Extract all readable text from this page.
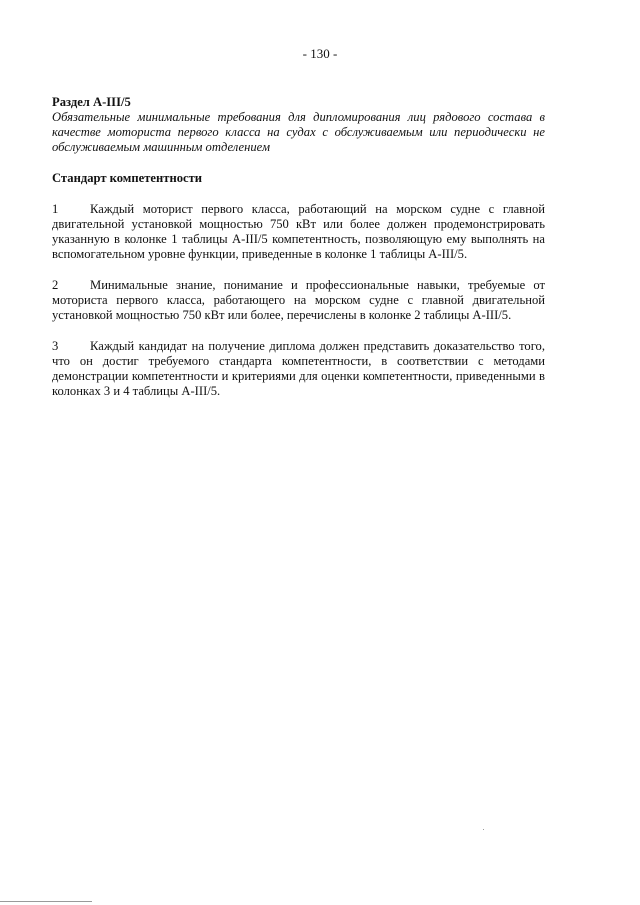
- 130 -

Раздел A-III/5

Обязательные минимальные требования для дипломирования лиц рядового состава в качестве моториста первого класса на судах с обслуживаемым или периодически не обслуживаемым машинным отделением

Стандарт компетентности

1	Каждый моторист первого класса, работающий на морском судне с главной двигательной установкой мощностью 750 кВт или более должен продемонстрировать указанную в колонке 1 таблицы A-III/5 компетентность, позволяющую ему выполнять на вспомогательном уровне функции, приведенные в колонке 1 таблицы A-III/5.

2	Минимальные знание, понимание и профессиональные навыки, требуемые от моториста первого класса, работающего на морском судне с главной двигательной установкой мощностью 750 кВт или более, перечислены в колонке 2 таблицы A-III/5.

3	Каждый кандидат на получение диплома должен представить доказательство того, что он достиг требуемого стандарта компетентности, в соответствии с методами демонстрации компетентности и критериями для оценки компетентности, приведенными в колонках 3 и 4 таблицы A-III/5.
